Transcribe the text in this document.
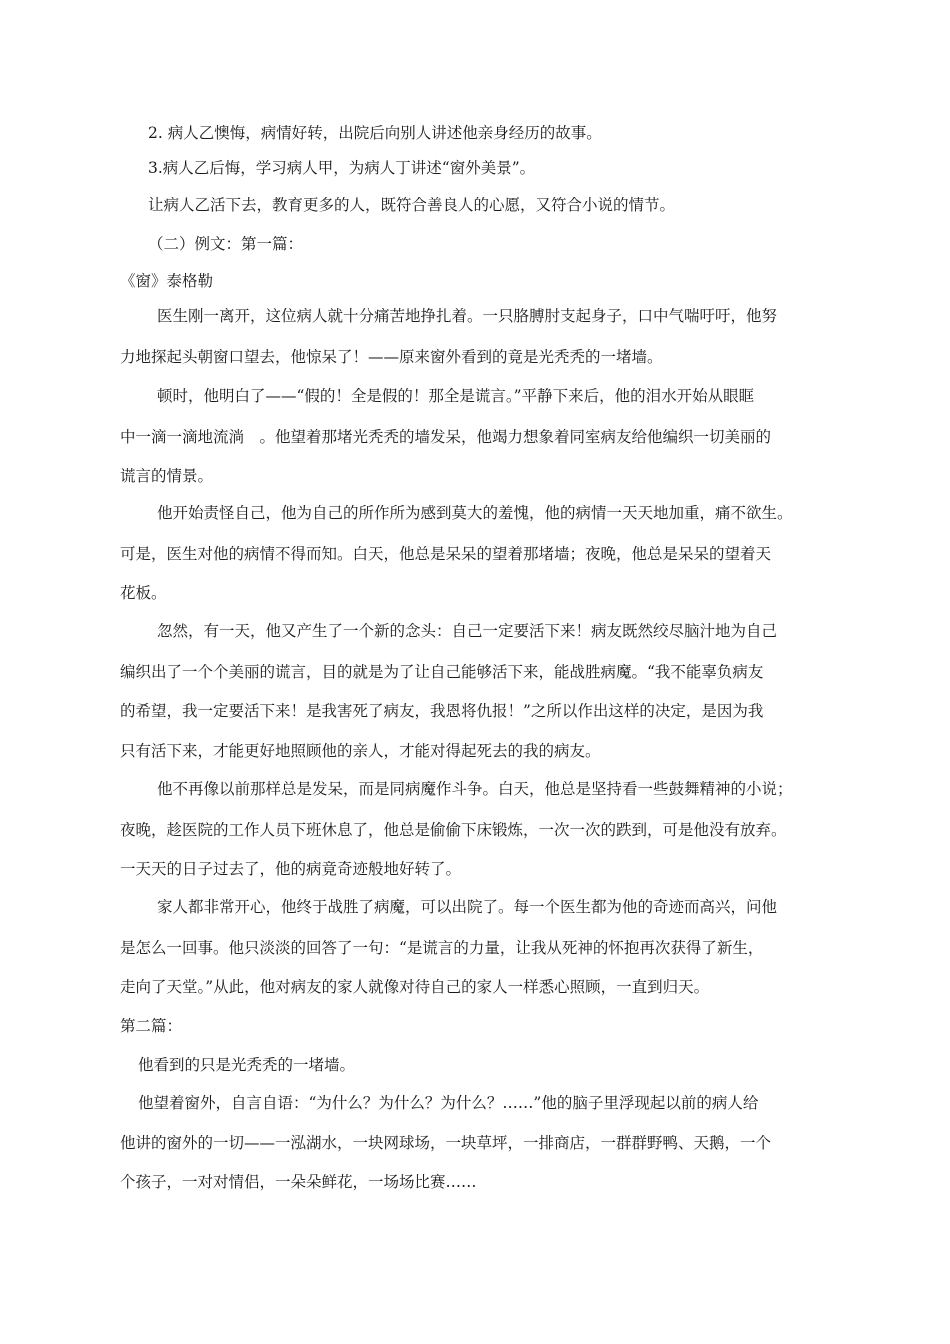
2. 病人乙懊悔，病情好转，出院后向别人讲述他亲身经历的故事。

3.病人乙后悔，学习病人甲，为病人丁讲述“窗外美景”。

让病人乙活下去，教育更多的人，既符合善良人的心愿，又符合小说的情节。

（二）例文：第一篇：

《窗》泰格勒

医生刚一离开，这位病人就十分痛苦地挣扎着。一只胳膊肘支起身子，口中气喘吁吁，他努

力地探起头朝窗口望去，他惊呆了！——原来窗外看到的竟是光秃秃的一堵墙。

顿时，他明白了——“假的！全是假的！那全是谎言。”平静下来后，他的泪水开始从眼眶

中一滴一滴地流淌　。他望着那堵光秃秃的墙发呆，他竭力想象着同室病友给他编织一切美丽的

谎言的情景。

他开始责怪自己，他为自己的所作所为感到莫大的羞愧，他的病情一天天地加重，痛不欲生。

可是，医生对他的病情不得而知。白天，他总是呆呆的望着那堵墙；夜晚，他总是呆呆的望着天

花板。

忽然，有一天，他又产生了一个新的念头：自己一定要活下来！病友既然绞尽脑汁地为自己

编织出了一个个美丽的谎言，目的就是为了让自己能够活下来，能战胜病魔。“我不能辜负病友

的希望，我一定要活下来！是我害死了病友，我恩将仇报！”之所以作出这样的决定，是因为我

只有活下来，才能更好地照顾他的亲人，才能对得起死去的我的病友。

他不再像以前那样总是发呆，而是同病魔作斗争。白天，他总是坚持看一些鼓舞精神的小说；

夜晚，趁医院的工作人员下班休息了，他总是偷偷下床锻炼，一次一次的跌到，可是他没有放弃。

一天天的日子过去了，他的病竟奇迹般地好转了。

家人都非常开心，他终于战胜了病魔，可以出院了。每一个医生都为他的奇迹而高兴，问他

是怎么一回事。他只淡淡的回答了一句：“是谎言的力量，让我从死神的怀抱再次获得了新生，

走向了天堂。”从此，他对病友的家人就像对待自己的家人一样悉心照顾，一直到归天。

第二篇：

他看到的只是光秃秃的一堵墙。

他望着窗外，自言自语：“为什么？为什么？为什么？……”他的脑子里浮现起以前的病人给

他讲的窗外的一切——一泓湖水，一块网球场，一块草坪，一排商店，一群群野鸭、天鹅，一个

个孩子，一对对情侣，一朵朵鲜花，一场场比赛……
